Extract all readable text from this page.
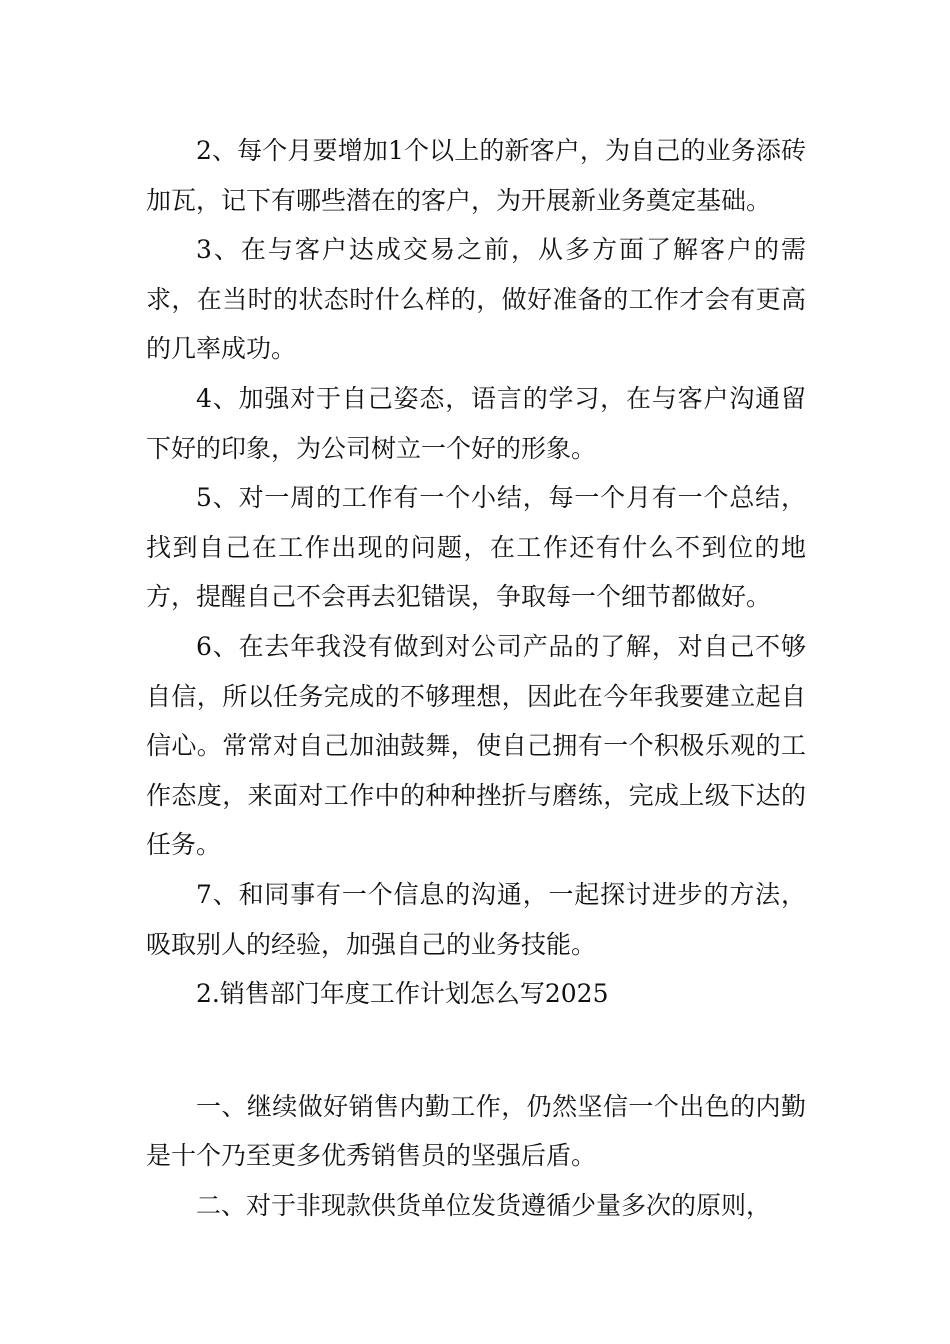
2、每个月要增加1个以上的新客户，为自己的业务添砖加瓦，记下有哪些潜在的客户，为开展新业务奠定基础。

3、在与客户达成交易之前，从多方面了解客户的需求，在当时的状态时什么样的，做好准备的工作才会有更高的几率成功。

4、加强对于自己姿态，语言的学习，在与客户沟通留下好的印象，为公司树立一个好的形象。

5、对一周的工作有一个小结，每一个月有一个总结，找到自己在工作出现的问题，在工作还有什么不到位的地方，提醒自己不会再去犯错误，争取每一个细节都做好。

6、在去年我没有做到对公司产品的了解，对自己不够自信，所以任务完成的不够理想，因此在今年我要建立起自信心。常常对自己加油鼓舞，使自己拥有一个积极乐观的工作态度，来面对工作中的种种挫折与磨练，完成上级下达的任务。

7、和同事有一个信息的沟通，一起探讨进步的方法，吸取别人的经验，加强自己的业务技能。

2.销售部门年度工作计划怎么写2025

一、继续做好销售内勤工作，仍然坚信一个出色的内勤是十个乃至更多优秀销售员的坚强后盾。

二、对于非现款供货单位发货遵循少量多次的原则，
